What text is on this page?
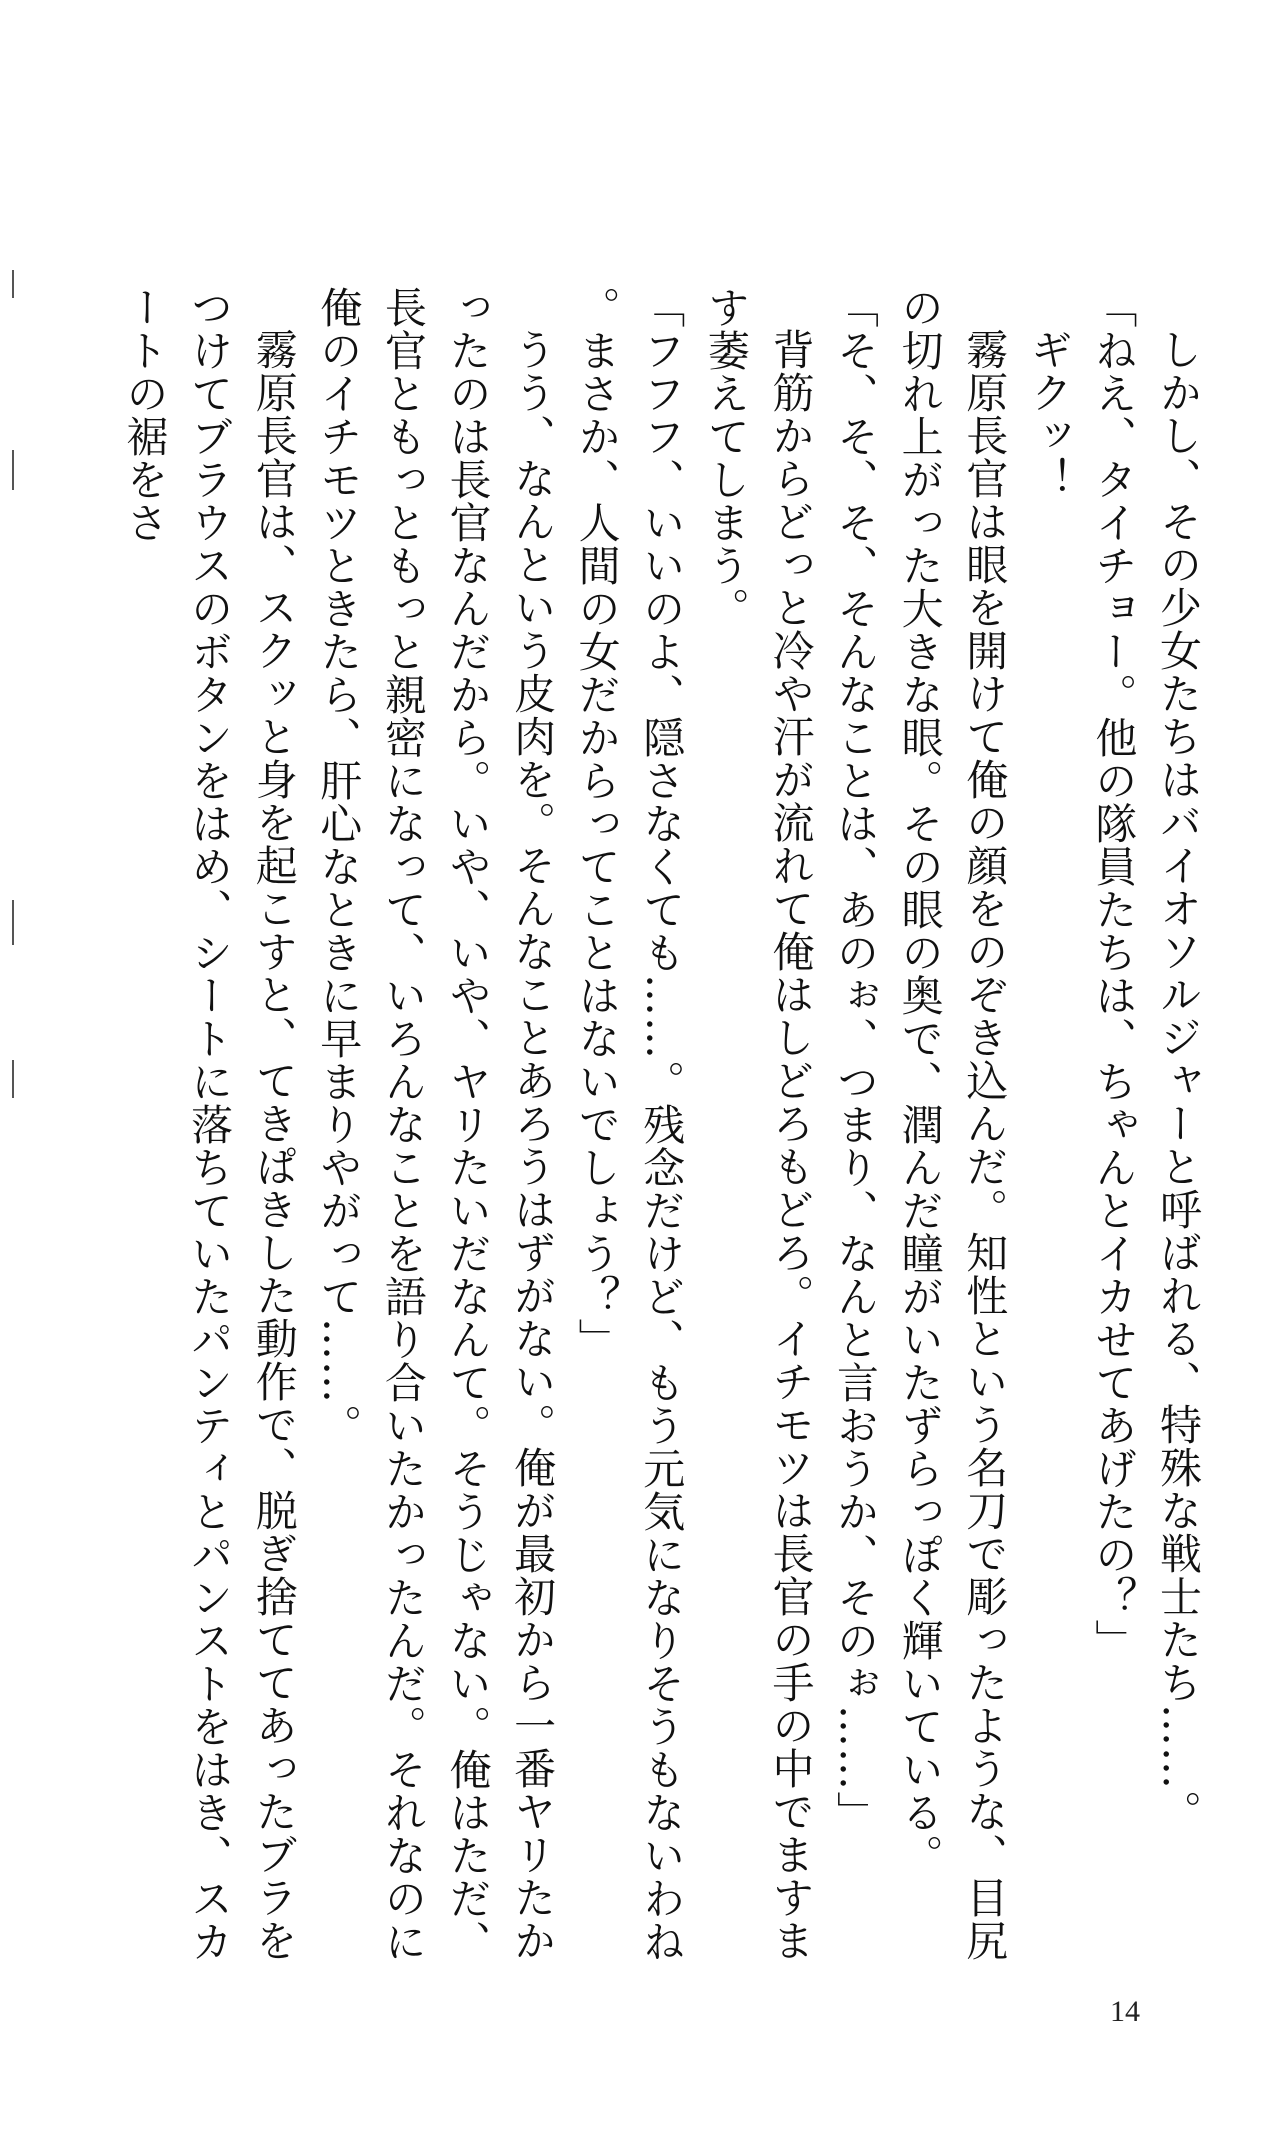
しかし、その少女たちはバイオソルジャーと呼ばれる、特殊な戦士たち……。

「ねえ、タイチョー。他の隊員たちは、ちゃんとイカせてあげたの？」

ギクッ！

霧原長官は眼を開けて俺の顔をのぞき込んだ。知性という名刀で彫ったような、目尻の切れ上がった大きな眼。その眼の奥で、潤んだ瞳がいたずらっぽく輝いている。

「そ、そ、そ、そんなことは、あのぉ、つまり、なんと言おうか、そのぉ……」

背筋からどっと冷や汗が流れて俺はしどろもどろ。イチモツは長官の手の中でますます萎えてしまう。

「フフフ、いいのよ、隠さなくても……。残念だけど、もう元気になりそうもないわね。まさか、人間の女だからってことはないでしょう？」

うう、なんという皮肉を。そんなことあろうはずがない。俺が最初から一番ヤリたかったのは長官なんだから。いや、いや、ヤリたいだなんて。そうじゃない。俺はただ、長官ともっともっと親密になって、いろんなことを語り合いたかったんだ。それなのに俺のイチモツときたら、肝心なときに早まりやがって……。

霧原長官は、スクッと身を起こすと、てきぱきした動作で、脱ぎ捨ててあったブラをつけてブラウスのボタンをはめ、シートに落ちていたパンティとパンストをはき、スカートの裾をさ

14
